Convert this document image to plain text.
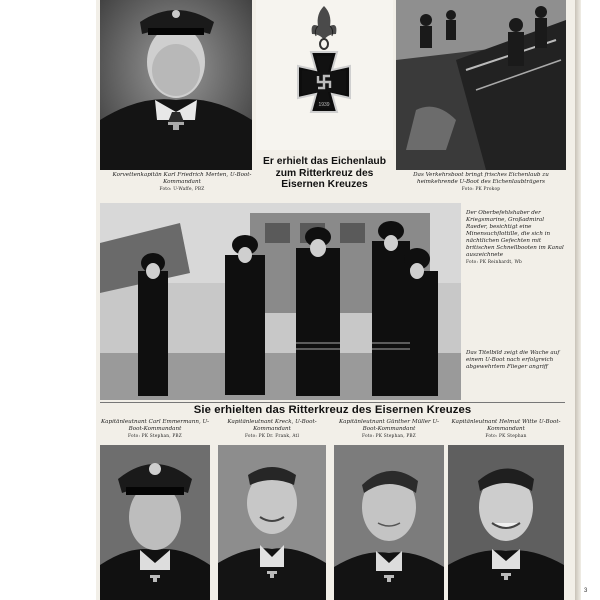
Korvettenkapitän Karl Friedrich Merten, U-Boot-Kommandant
Foto: U-Waffe, PBZ
1939
Er erhielt das Eichenlaub zum Ritterkreuz des Eisernen Kreuzes
Das Verkehrsboot bringt frisches Eichenlaub zu heimkehrende U-Boot des Eichenlaubträgers
Foto: PK Prokop
Der Oberbefehlshaber der Kriegsmarine, Großadmiral Raeder, besichtigt eine Minensuchflottille, die sich in nächtlichen Gefechten mit britischen Schnellbooten im Kanal auszeichnete
Foto: PK Reinhardt, Wb
Das Titelbild zeigt die Wache auf einem U-Boot nach erfolgreich abgewehrtem Flieger angriff
Sie erhielten das Ritterkreuz des Eisernen Kreuzes
Kapitänleutnant Carl Emmermann, U-Boot-Kommandant
Foto: PK Stephan, PBZ
Kapitänleutnant Kreck, U-Boot-Kommandant
Foto: PK Dr. Frank, Atl
Kapitänleutnant Günther Müller U-Boot-Kommandant
Foto: PK Stephan, PBZ
Kapitänleutnant Helmut Witte U-Boot-Kommandant
Foto: PK Stephan
3
